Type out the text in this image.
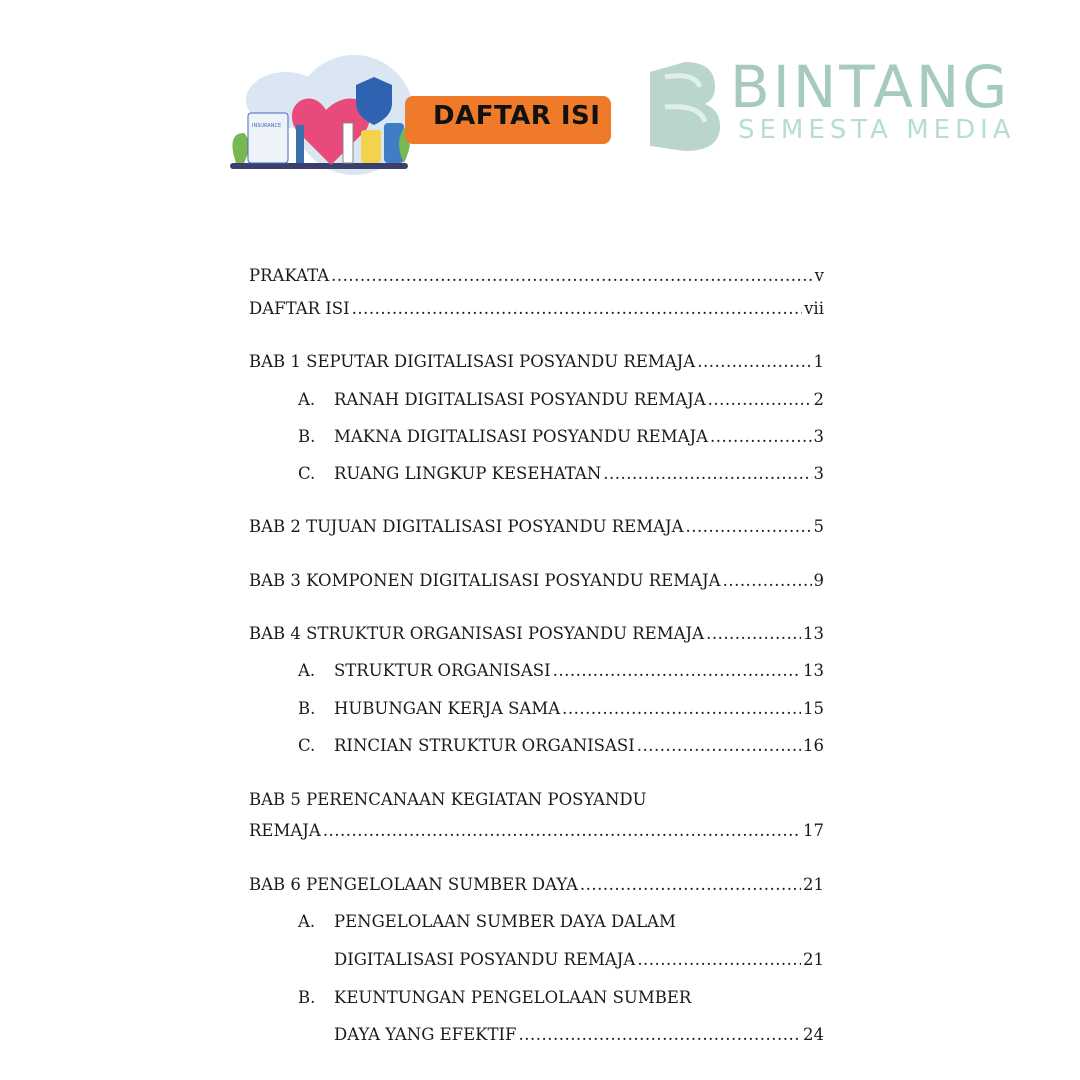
INSURANCE	DAFTAR ISI
PRAKATA .....	v
DAFTAR ISI .....	vii
BAB 1 SEPUTAR DIGITALISASI POSYANDU REMAJA .....	1
A.	RANAH DIGITALISASI POSYANDU REMAJA .....	2
B.	MAKNA DIGITALISASI POSYANDU REMAJA .....	3
C.	RUANG LINGKUP KESEHATAN .....	3
BAB 2 TUJUAN DIGITALISASI POSYANDU REMAJA .....	5
BAB 3 KOMPONEN DIGITALISASI POSYANDU REMAJA .....	9
BAB 4 STRUKTUR ORGANISASI POSYANDU REMAJA .....	13
A.	STRUKTUR ORGANISASI .....	13
B.	HUBUNGAN KERJA SAMA .....	15
C.	RINCIAN STRUKTUR ORGANISASI .....	16
BAB 5 PERENCANAAN KEGIATAN POSYANDU
REMAJA .....	17
BAB 6 PENGELOLAAN SUMBER DAYA .....	21
A.	PENGELOLAAN SUMBER DAYA DALAM
DIGITALISASI POSYANDU REMAJA .....	21
B.	KEUNTUNGAN PENGELOLAAN SUMBER
DAYA YANG EFEKTIF .....	24
BINTANG
SEMESTA MEDIA
